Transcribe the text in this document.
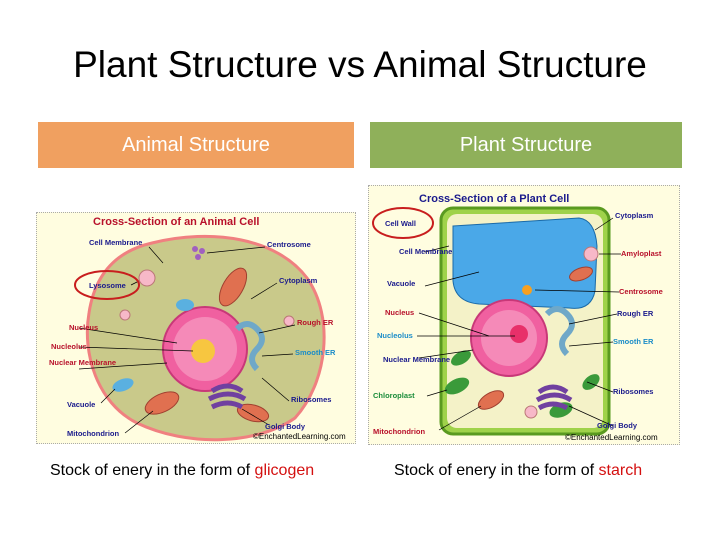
Plant Structure vs Animal Structure
Animal Structure	Plant Structure
Cross-Section of an Animal Cell
Cell Membrane	Centrosome
Lysosome
Cytoplasm
Nucleus
Rough ER
Nucleolus
Smooth ER
Nuclear Membrane
Vacuole
Ribosomes
Golgi Body
Mitochondrion	©EnchantedLearning.com
Cross-Section of a Plant Cell
Cytoplasm
Cell Wall
Cell Membrane	Amyloplast
Vacuole
Centrosome
Nucleus	Rough ER
Nucleolus
Smooth ER
Nuclear Membrane
Ribosomes
Chloroplast
Golgi Body
Mitochondrion
©EnchantedLearning.com
Stock of enery in the form of glicogen	Stock of enery in the form of starch
